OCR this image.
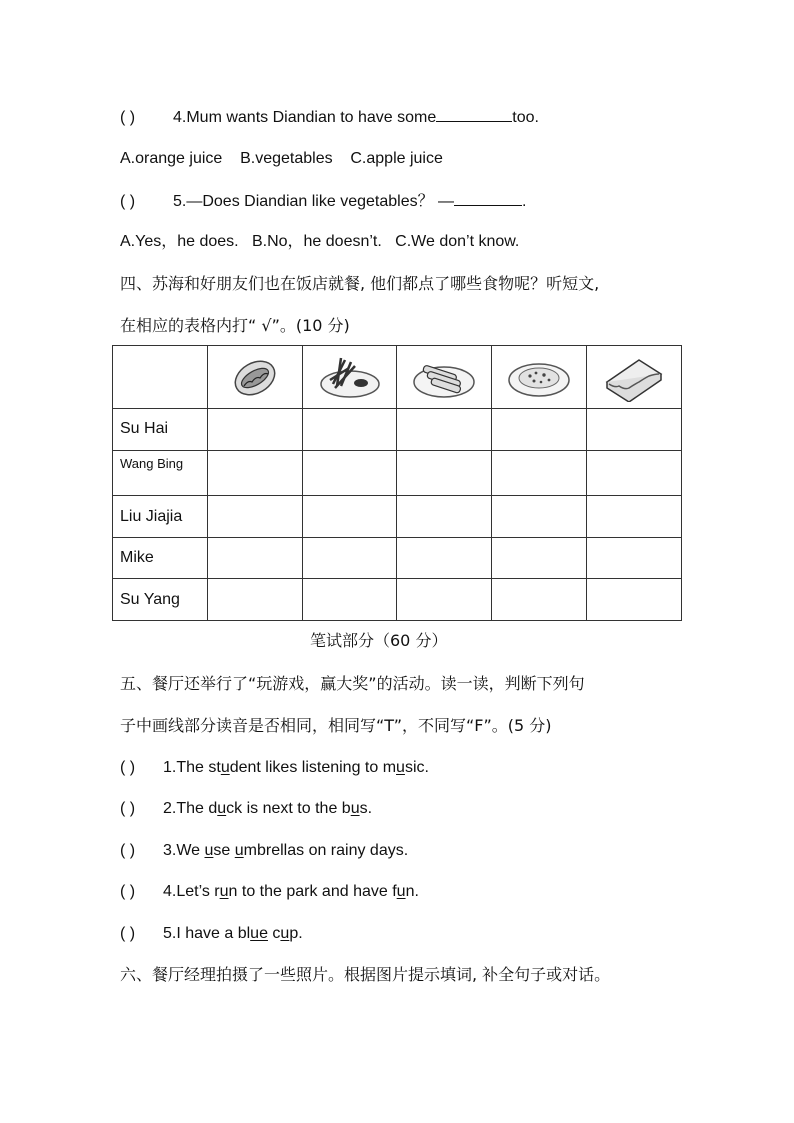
( ) 4.Mum wants Diandian to have some	too.
A.orange juice B.vegetables C.apple juice
( ) 5.—Does Diandian like vegetables？ —	.
A.Yes，he does. B.No，he doesn’t. C.We don’t know.
四、苏海和好朋友们也在饭店就餐, 他们都点了哪些食物呢？听短文,
在相应的表格内打“ √”。(10 分)

Su Hai					
Wang Bing					
Liu Jiajia					
Mike					
Su Yang					
笔试部分（60 分）
五、餐厅还举行了“玩游戏，赢大奖”的活动。读一读，判断下列句
子中画线部分读音是否相同，相同写“T”，不同写“F”。(5 分)
( ) 1.The student likes listening to music.
( ) 2.The duck is next to the bus.
( ) 3.We use umbrellas on rainy days.
( ) 4.Let’s run to the park and have fun.
( ) 5.I have a blue cup.
六、餐厅经理拍摄了一些照片。根据图片提示填词, 补全句子或对话。
